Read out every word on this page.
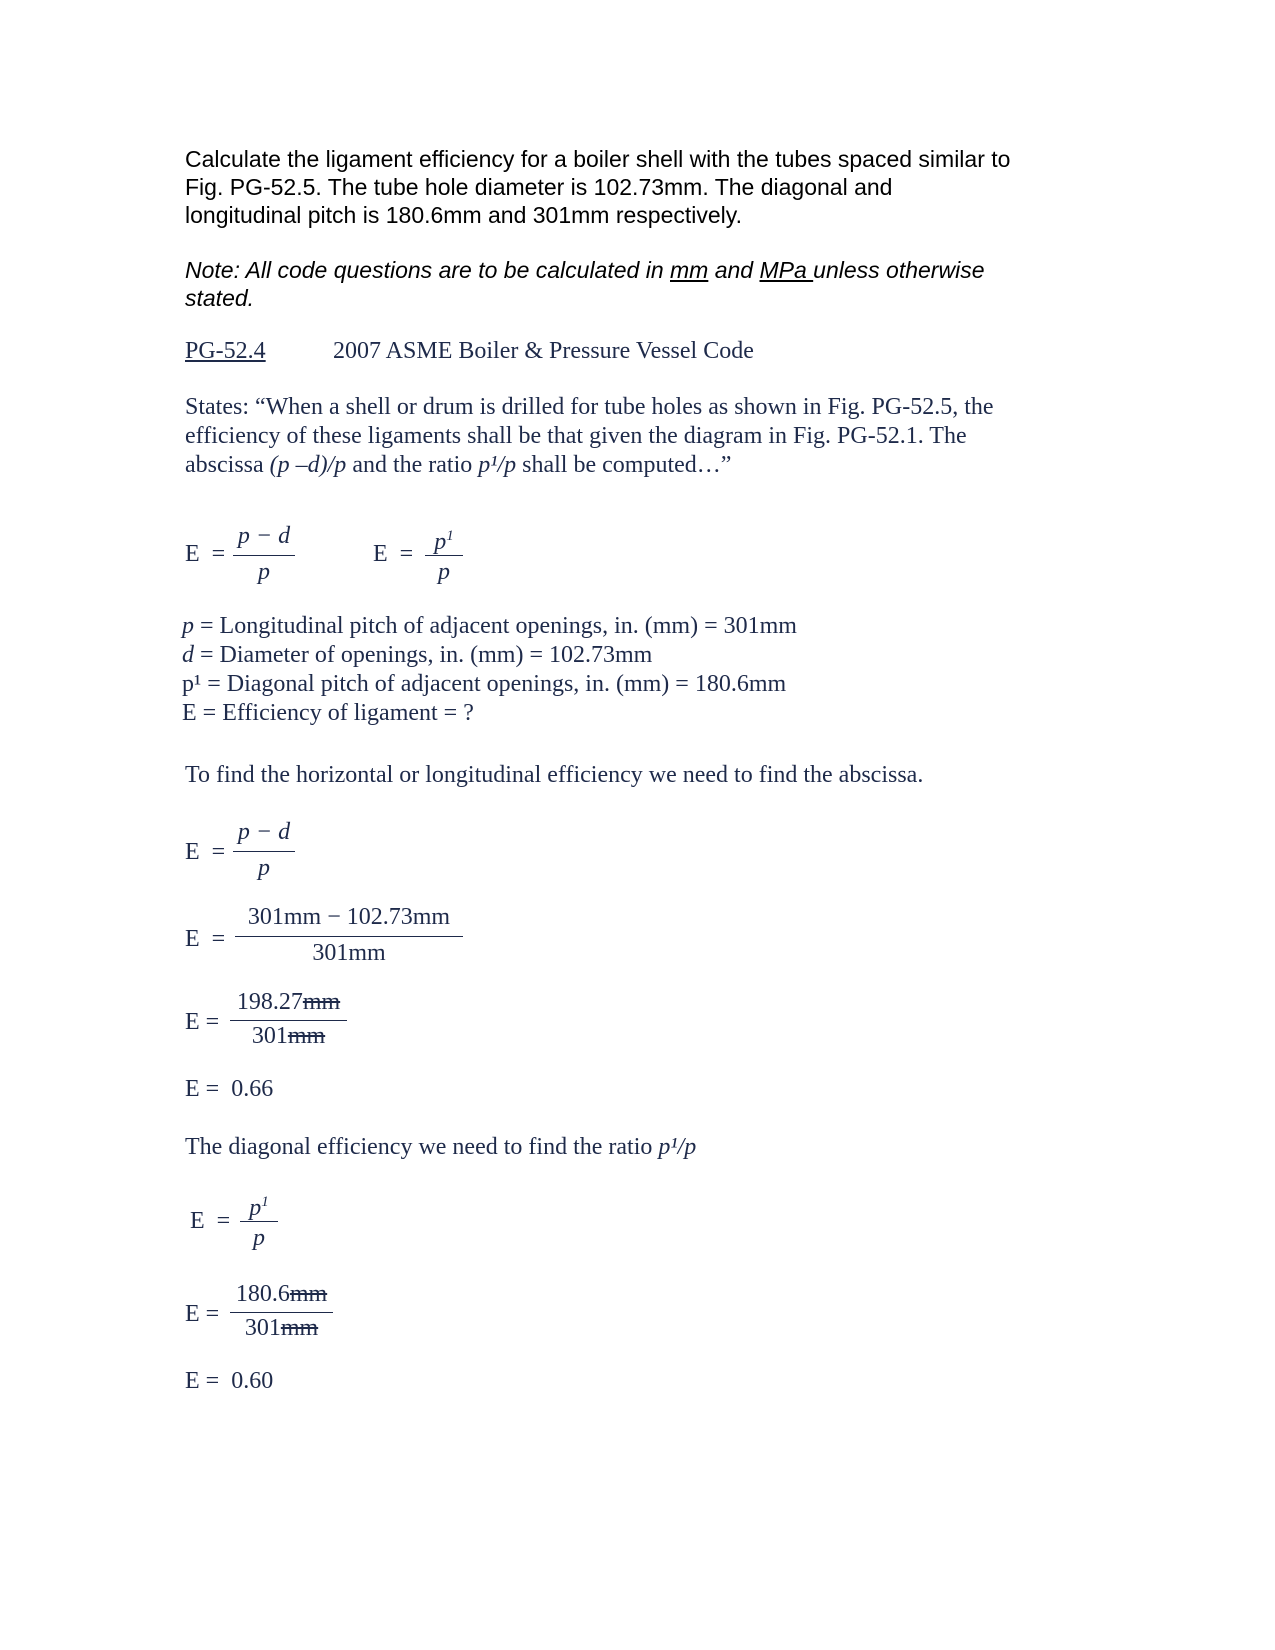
Calculate the ligament efficiency for a boiler shell with the tubes spaced similar to
Fig. PG-52.5. The tube hole diameter is 102.73mm. The diagonal and
longitudinal pitch is 180.6mm and 301mm respectively.
Note: All code questions are to be calculated in mm and MPa unless otherwise
stated.
PG-52.4	2007 ASME Boiler & Pressure Vessel Code
States: “When a shell or drum is drilled for tube holes as shown in Fig. PG-52.5, the
efficiency of these ligaments shall be that given the diagram in Fig. PG-52.1. The
abscissa (p –d)/p and the ratio p¹/p shall be computed…”
E =
p − d
p
$E = p^1$
p
p = Longitudinal pitch of adjacent openings, in. (mm) = 301mm
d = Diameter of openings, in. (mm) = 102.73mm
p¹ = Diagonal pitch of adjacent openings, in. (mm) = 180.6mm
E = Efficiency of ligament = ?
To find the horizontal or longitudinal efficiency we need to find the abscissa.
E =
p − d
p
E =
301mm − 102.73mm
301mm
E =
198.27mm
301mm
E =  0.66
The diagonal efficiency we need to find the ratio p¹/p
$E = p^1$
p
E =
180.6mm
301mm
E =  0.60
